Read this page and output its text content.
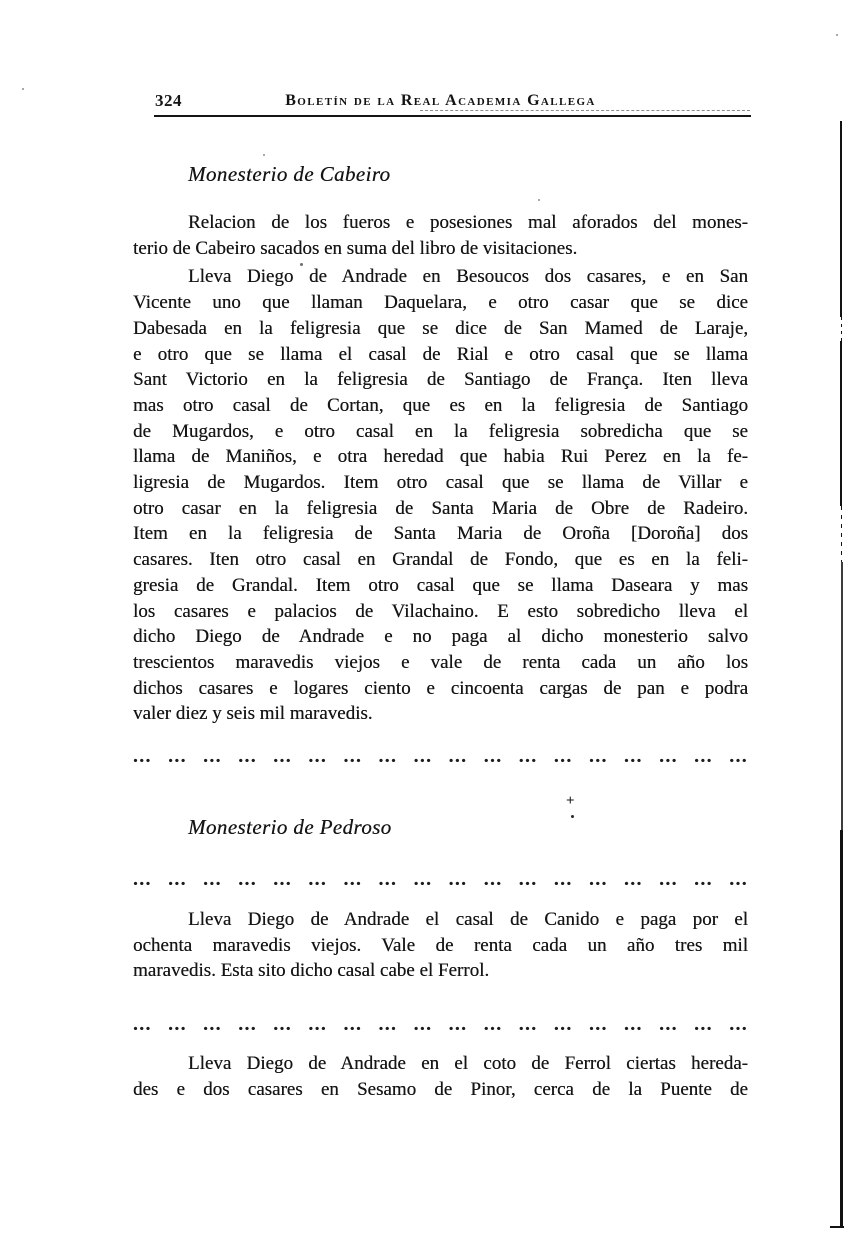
324	Boletín de la Real Academia Gallega
Monesterio de Cabeiro
Relacion de los fueros e posesiones mal aforados del mones-
terio de Cabeiro sacados en suma del libro de visitaciones.
Lleva Diego de Andrade en Besoucos dos casares, e en San
Vicente uno que llaman Daquelara, e otro casar que se dice
Dabesada en la feligresia que se dice de San Mamed de Laraje,
e otro que se llama el casal de Rial e otro casal que se llama
Sant Victorio en la feligresia de Santiago de França. Iten lleva
mas otro casal de Cortan, que es en la feligresia de Santiago
de Mugardos, e otro casal en la feligresia sobredicha que se
llama de Maniños, e otra heredad que habia Rui Perez en la fe-
ligresia de Mugardos. Item otro casal que se llama de Villar e
otro casar en la feligresia de Santa Maria de Obre de Radeiro.
Item en la feligresia de Santa Maria de Oroña [Doroña] dos
casares. Iten otro casal en Grandal de Fondo, que es en la feli-
gresia de Grandal. Item otro casal que se llama Daseara y mas
los casares e palacios de Vilachaino. E esto sobredicho lleva el
dicho Diego de Andrade e no paga al dicho monesterio salvo
trescientos maravedis viejos e vale de renta cada un año los
dichos casares e logares ciento e cincoenta cargas de pan e podra
valer diez y seis mil maravedis.
... ... ... ... ... ... ... ... ... ... ... ... ... ... ... ... ... ...
Monesterio de Pedroso
... ... ... ... ... ... ... ... ... ... ... ... ... ... ... ... ... ...
Lleva Diego de Andrade el casal de Canido e paga por el
ochenta maravedis viejos. Vale de renta cada un año tres mil
maravedis. Esta sito dicho casal cabe el Ferrol.
... ... ... ... ... ... ... ... ... ... ... ... ... ... ... ... ... ...
Lleva Diego de Andrade en el coto de Ferrol ciertas hereda-
des e dos casares en Sesamo de Pinor, cerca de la Puente de
+
